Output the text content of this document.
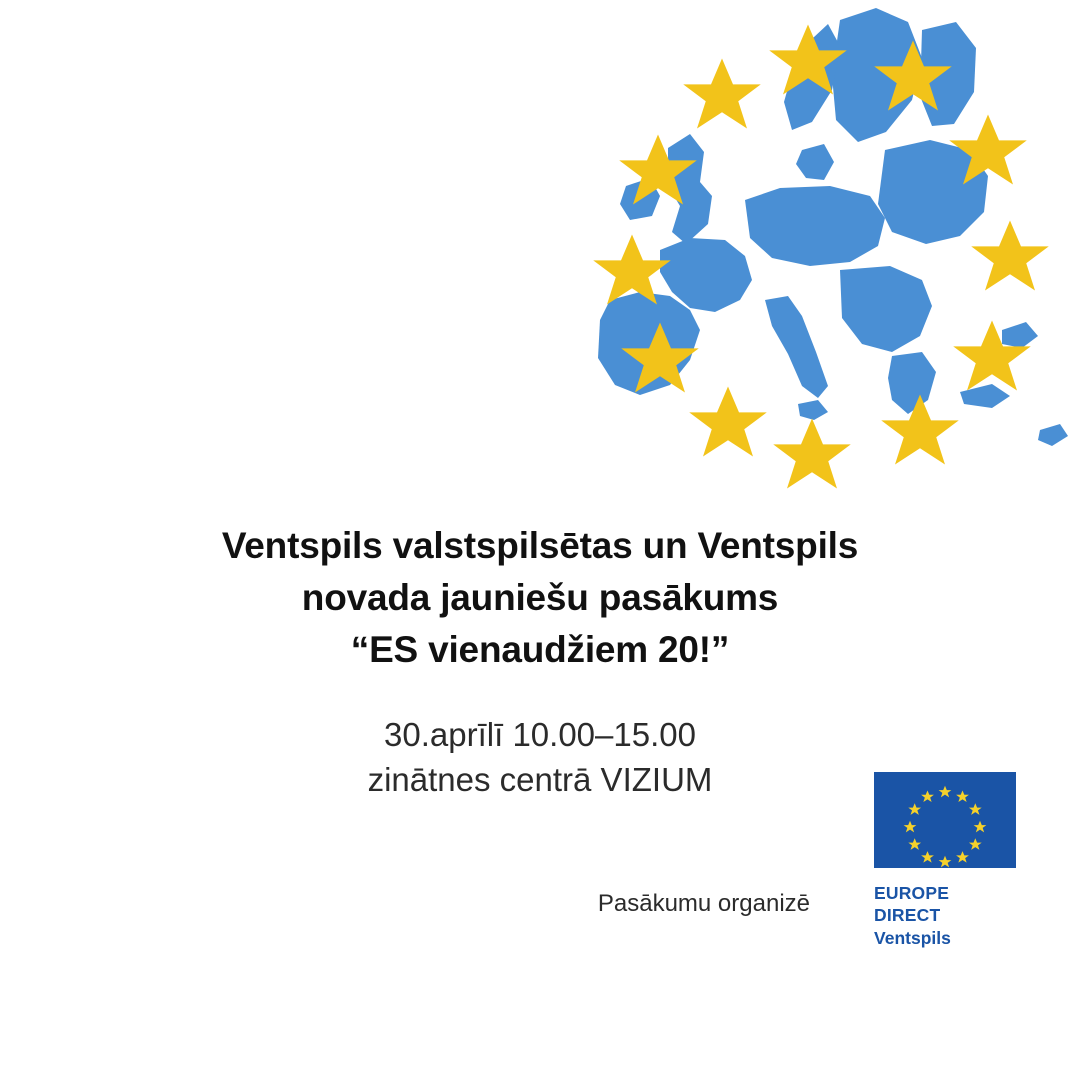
Ventspils valstspilsētas un Ventspils
novada jauniešu pasākums
“ES vienaudžiem 20!”
30.aprīlī 10.00–15.00
zinātnes centrā VIZIUM
Pasākumu organizē	EUROPE DIRECT
Ventspils
